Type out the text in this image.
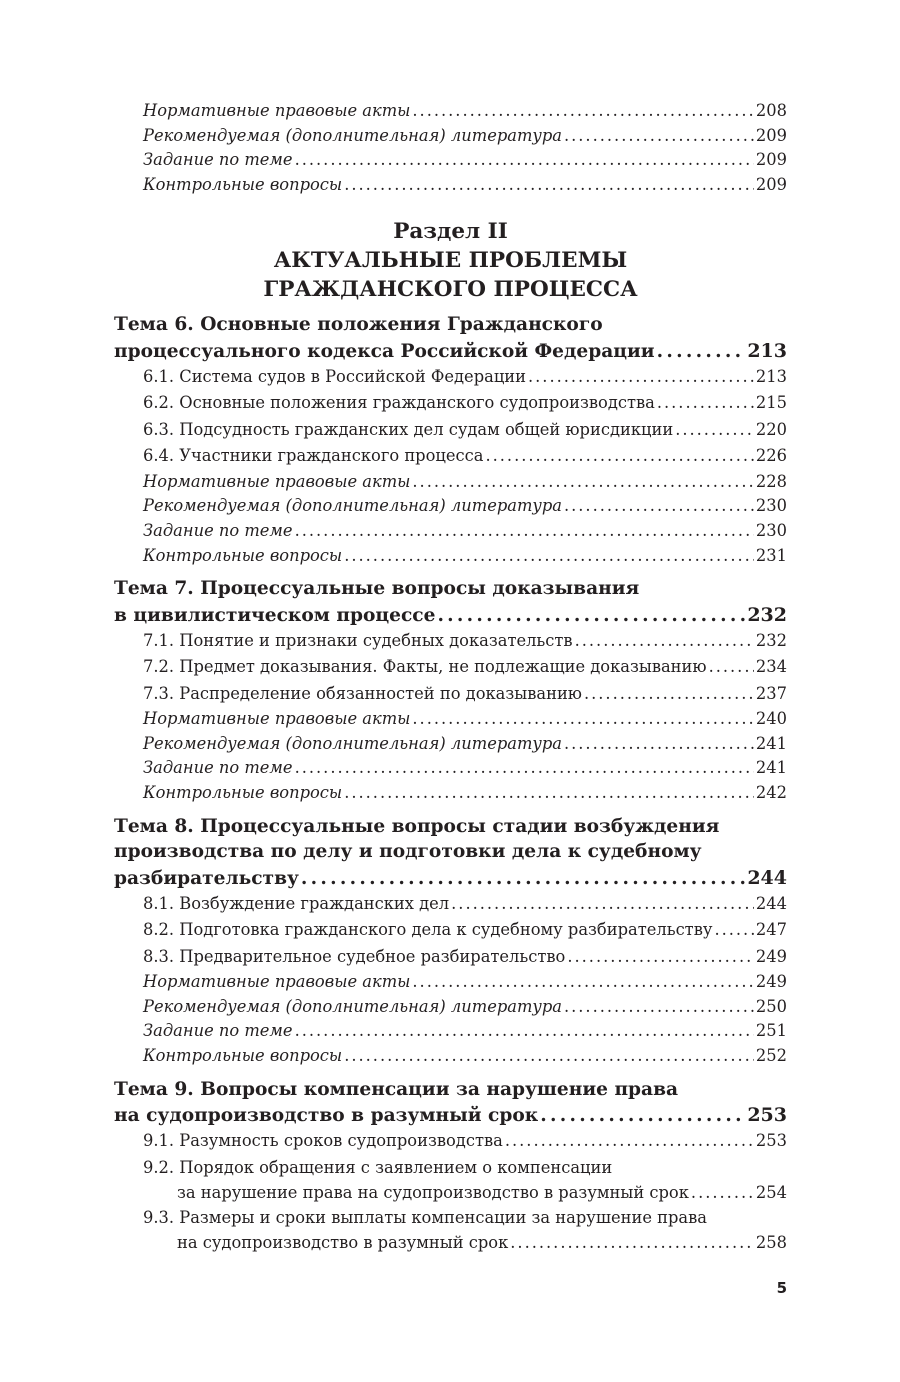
Нормативные правовые акты . . .	208
Рекомендуемая (дополнительная) литература . . .	209
Задание по теме . . .	209
Контрольные вопросы . . .	209
Раздел II
АКТУАЛЬНЫЕ ПРОБЛЕМЫ
ГРАЖДАНСКОГО ПРОЦЕССА
Тема 6. Основные положения Гражданского
процессуального кодекса Российской Федерации . . .	213
6.1. Система судов в Российской Федерации . . .	213
6.2. Основные положения гражданского судопроизводства . . .	215
6.3. Подсудность гражданских дел судам общей юрисдикции . . .	220
6.4. Участники гражданского процесса . . .	226
Нормативные правовые акты . . .	228
Рекомендуемая (дополнительная) литература . . .	230
Задание по теме . . .	230
Контрольные вопросы . . .	231
Тема 7. Процессуальные вопросы доказывания
в цивилистическом процессе . . .	232
7.1. Понятие и признаки судебных доказательств . . .	232
7.2. Предмет доказывания. Факты, не подлежащие доказыванию . . .	234
7.3. Распределение обязанностей по доказыванию . . .	237
Нормативные правовые акты . . .	240
Рекомендуемая (дополнительная) литература . . .	241
Задание по теме . . .	241
Контрольные вопросы . . .	242
Тема 8. Процессуальные вопросы стадии возбуждения
производства по делу и подготовки дела к судебному
разбирательству . . .	244
8.1. Возбуждение гражданских дел . . .	244
8.2. Подготовка гражданского дела к судебному разбирательству . . .	247
8.3. Предварительное судебное разбирательство . . .	249
Нормативные правовые акты . . .	249
Рекомендуемая (дополнительная) литература . . .	250
Задание по теме . . .	251
Контрольные вопросы . . .	252
Тема 9. Вопросы компенсации за нарушение права
на судопроизводство в разумный срок . . .	253
9.1. Разумность сроков судопроизводства . . .	253
9.2. Порядок обращения с заявлением о компенсации
за нарушение права на судопроизводство в разумный срок . . .	254
9.3. Размеры и сроки выплаты компенсации за нарушение права
на судопроизводство в разумный срок . . .	258
5
